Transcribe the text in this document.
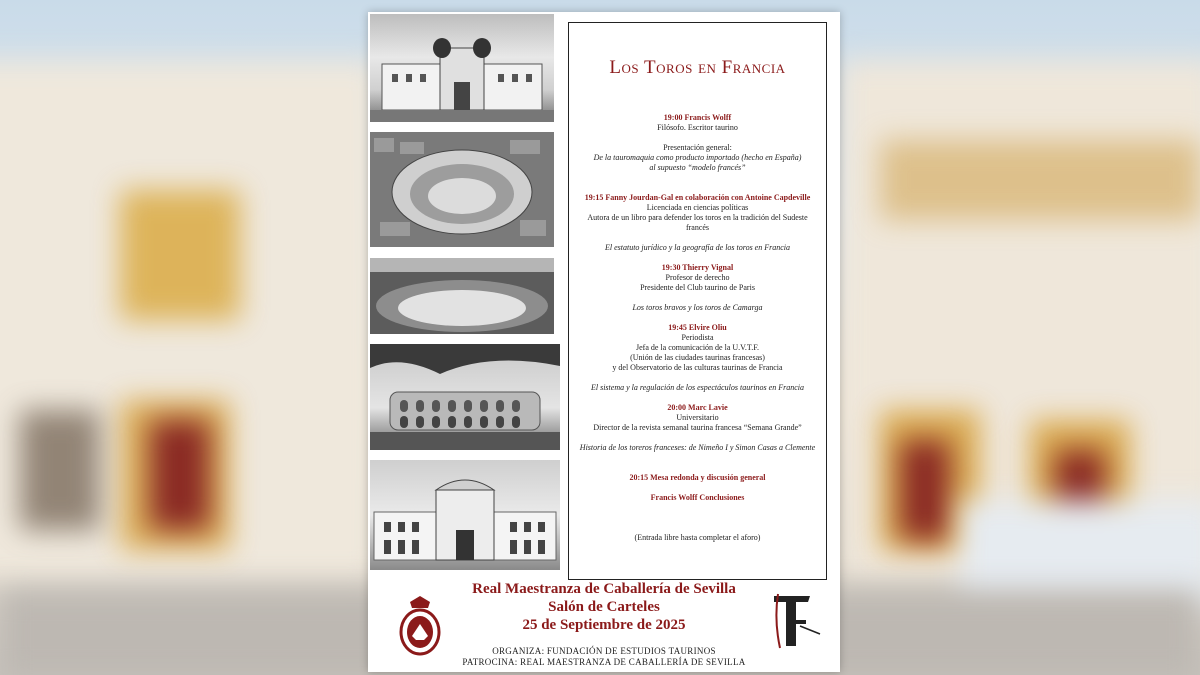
Los Toros en Francia
19:00 Francis Wolff
Filósofo. Escritor taurino
Presentación general:
De la tauromaquia como producto importado (hecho en España)
al supuesto “modelo francés”
19:15 Fanny Jourdan-Gal en colaboración con Antoine Capdeville
Licenciada en ciencias políticas
Autora de un libro para defender los toros en la tradición del Sudeste francés
El estatuto jurídico y la geografía de los toros en Francia
19:30 Thierry Vignal
Profesor de derecho
Presidente del Club taurino de Paris
Los toros bravos y los toros de Camarga
19:45 Elvire Oliu
Periodista
Jefa de la comunicación de la U.V.T.F.
(Unión de las ciudades taurinas francesas)
y del Observatorio de las culturas taurinas de Francia
El sistema y la regulación de los espectáculos taurinos en Francia
20:00 Marc Lavie
Universitario
Director de la revista semanal taurina francesa “Semana Grande”
Historia de los toreros franceses: de Nimeño I y Simon Casas a Clemente
20:15 Mesa redonda y discusión general
Francis Wolff Conclusiones
(Entrada libre hasta completar el aforo)
Real Maestranza de Caballería de Sevilla
Salón de Carteles
25 de Septiembre de 2025
ORGANIZA: FUNDACIÓN DE ESTUDIOS TAURINOS
PATROCINA: REAL MAESTRANZA DE CABALLERÍA DE SEVILLA
